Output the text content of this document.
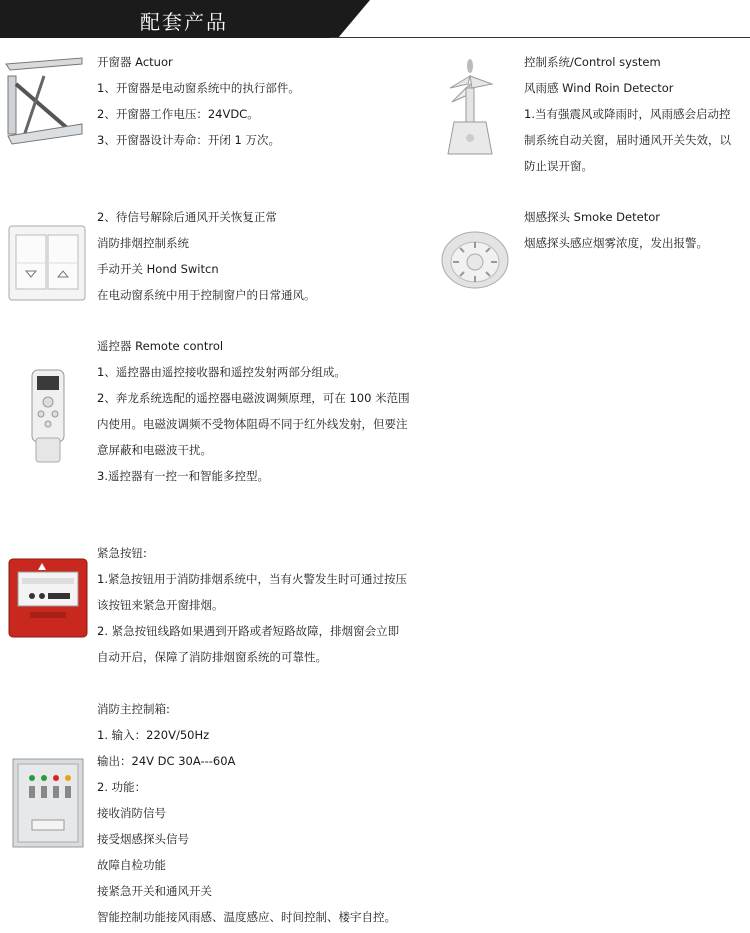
配套产品

开窗器 Actuor

1、开窗器是电动窗系统中的执行部件。

2、开窗器工作电压：24VDC。

3、开窗器设计寿命：开闭 1 万次。

控制系统/Control system

风雨感 Wind Roin Detector

1.当有强震风或降雨时，风雨感会启动控

制系统自动关窗，届时通风开关失效，以

防止误开窗。

2、待信号解除后通风开关恢复正常

消防排烟控制系统

手动开关 Hond Switcn

在电动窗系统中用于控制窗户的日常通风。

烟感探头 Smoke Detetor

烟感探头感应烟雾浓度，发出报警。

遥控器 Remote control

1、遥控器由遥控接收器和遥控发射两部分组成。

2、奔龙系统选配的遥控器电磁波调频原理，可在 100 米范围

内使用。电磁波调频不受物体阻碍不同于红外线发射，但要注

意屏蔽和电磁波干扰。

3.遥控器有一控一和智能多控型。

紧急按钮:

1.紧急按钮用于消防排烟系统中，当有火警发生时可通过按压

该按钮来紧急开窗排烟。

2. 紧急按钮线路如果遇到开路或者短路故障，排烟窗会立即

自动开启，保障了消防排烟窗系统的可靠性。

消防主控制箱:

1. 输入：220V/50Hz

输出：24V DC 30A---60A

2. 功能：

接收消防信号

接受烟感探头信号

故障自检功能

接紧急开关和通风开关

智能控制功能接风雨感、温度感应、时间控制、楼宇自控。
